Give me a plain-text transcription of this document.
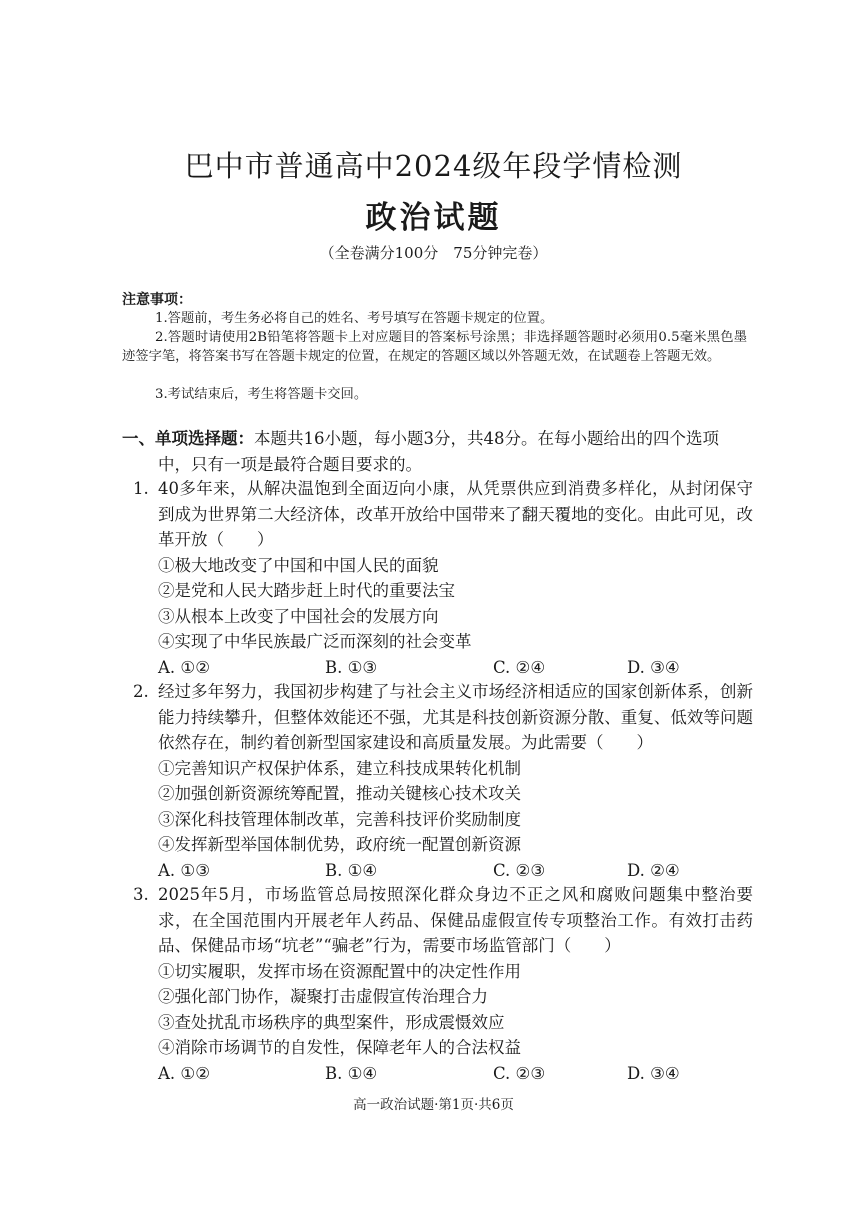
巴中市普通高中2024级年段学情检测
政治试题
（全卷满分100分　75分钟完卷）
注意事项：
1.答题前，考生务必将自己的姓名、考号填写在答题卡规定的位置。
2.答题时请使用2B铅笔将答题卡上对应题目的答案标号涂黑；非选择题答题时必须用0.5毫米黑色墨迹签字笔，将答案书写在答题卡规定的位置，在规定的答题区域以外答题无效，在试题卷上答题无效。
3.考试结束后，考生将答题卡交回。
一、单项选择题：本题共16小题，每小题3分，共48分。在每小题给出的四个选项
中，只有一项是最符合题目要求的。
1. 40多年来，从解决温饱到全面迈向小康，从凭票供应到消费多样化，从封闭保守到成为世界第二大经济体，改革开放给中国带来了翻天覆地的变化。由此可见，改革开放（　　）
①极大地改变了中国和中国人民的面貌
②是党和人民大踏步赶上时代的重要法宝
③从根本上改变了中国社会的发展方向
④实现了中华民族最广泛而深刻的社会变革
A. ①②	B. ①③	C. ②④	D. ③④
2. 经过多年努力，我国初步构建了与社会主义市场经济相适应的国家创新体系，创新能力持续攀升，但整体效能还不强，尤其是科技创新资源分散、重复、低效等问题依然存在，制约着创新型国家建设和高质量发展。为此需要（　　）
①完善知识产权保护体系，建立科技成果转化机制
②加强创新资源统筹配置，推动关键核心技术攻关
③深化科技管理体制改革，完善科技评价奖励制度
④发挥新型举国体制优势，政府统一配置创新资源
A. ①③	B. ①④	C. ②③	D. ②④
3. 2025年5月，市场监管总局按照深化群众身边不正之风和腐败问题集中整治要求，在全国范围内开展老年人药品、保健品虚假宣传专项整治工作。有效打击药品、保健品市场“坑老”“骗老”行为，需要市场监管部门（　　）
①切实履职，发挥市场在资源配置中的决定性作用
②强化部门协作，凝聚打击虚假宣传治理合力
③查处扰乱市场秩序的典型案件，形成震慑效应
④消除市场调节的自发性，保障老年人的合法权益
A. ①②	B. ①④	C. ②③	D. ③④
高一政治试题·第1页·共6页
